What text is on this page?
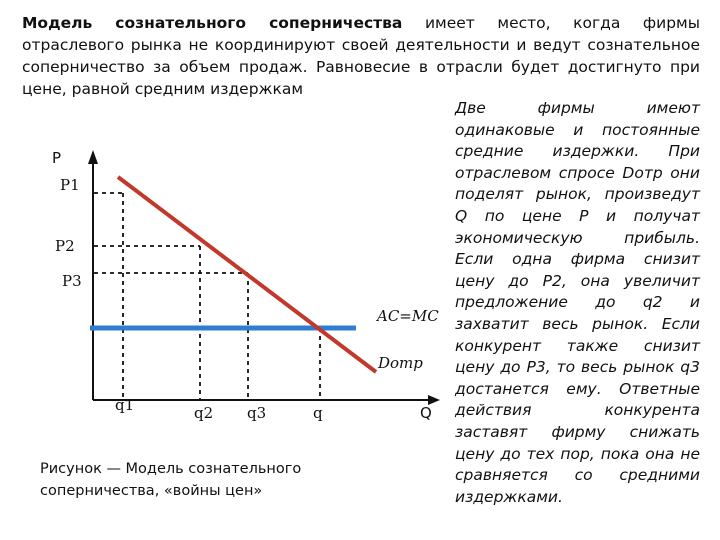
Модель сознательного соперничества имеет место, когда фирмы отраслевого рынка не координируют своей деятельности и ведут сознательное соперничество за объем продаж. Равновесие в отрасли будет достигнуто при цене, равной средним издержкам

P
Q
P1
P2
P3
q1	q2 q3	q
AC=MC
Dотр

Две фирмы имеют одинаковые и постоянные средние издержки. При отраслевом спросе Dотр они поделят рынок, произведут Q по цене P и получат экономическую прибыль. Если одна фирма снизит цену до P2, она увеличит предложение до q2 и захватит весь рынок. Если конкурент также снизит цену до P3, то весь рынок q3 достанется ему. Ответные действия конкурента заставят фирму снижать цену до тех пор, пока она не сравняется со средними издержками.

Рисунок — Модель сознательного
соперничества, «войны цен»
